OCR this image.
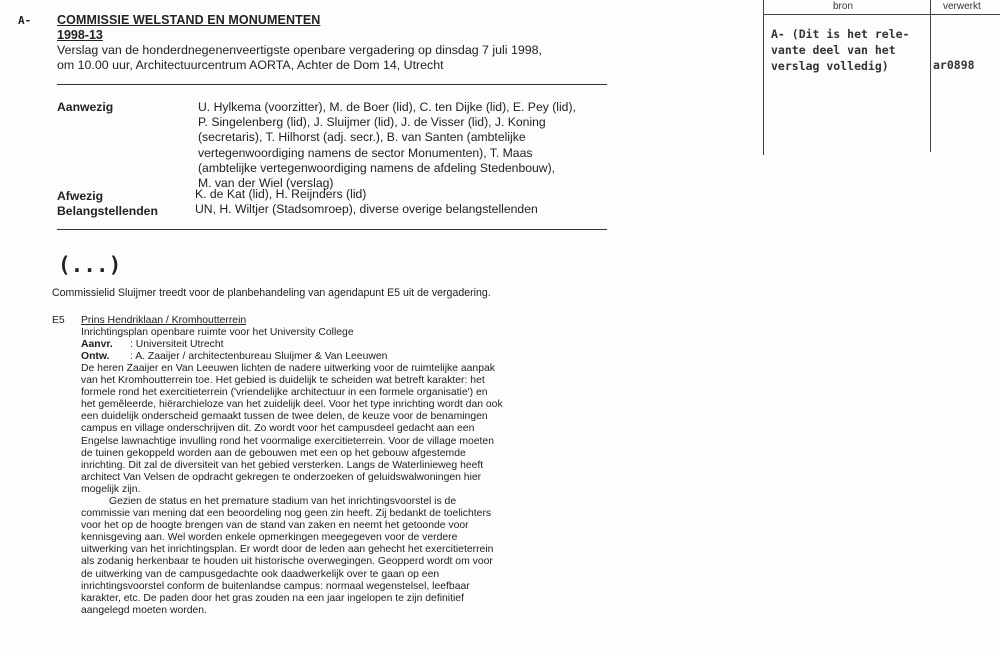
A- COMMISSIE WELSTAND EN MONUMENTEN
1998-13
Verslag van de honderdnegenenveertigste openbare vergadering op dinsdag 7 juli 1998,
om 10.00 uur, Architectuurcentrum AORTA, Achter de Dom 14, Utrecht
Aanwezig	U. Hylkema (voorzitter), M. de Boer (lid), C. ten Dijke (lid), E. Pey (lid),
P. Singelenberg (lid), J. Sluijmer (lid), J. de Visser (lid), J. Koning
(secretaris), T. Hilhorst (adj. secr.), B. van Santen (ambtelijke
vertegenwoordiging namens de sector Monumenten), T. Maas
(ambtelijke vertegenwoordiging namens de afdeling Stedenbouw),
M. van der Wiel (verslag)
Afwezig	K. de Kat (lid), H. Reijnders (lid)
Belangstellenden	UN, H. Wiltjer (Stadsomroep), diverse overige belangstellenden
(...)
Commissielid Sluijmer treedt voor de planbehandeling van agendapunt E5 uit de vergadering.
E5 Prins Hendriklaan / Kromhoutterrein
Inrichtingsplan openbare ruimte voor het University College
Aanvr. : Universiteit Utrecht
Ontw. : A. Zaaijer / architectenbureau Sluijmer & Van Leeuwen
De heren Zaaijer en Van Leeuwen lichten de nadere uitwerking voor de ruimtelijke aanpak
van het Kromhoutterrein toe. Het gebied is duidelijk te scheiden wat betreft karakter: het
formele rond het exercitieterrein ('vriendelijke architectuur in een formele organisatie') en
het gemêleerde, hiërarchieloze van het zuidelijk deel. Voor het type inrichting wordt dan ook
een duidelijk onderscheid gemaakt tussen de twee delen, de keuze voor de benamingen
campus en village onderschrijven dit. Zo wordt voor het campusdeel gedacht aan een
Engelse lawnachtige invulling rond het voormalige exercitieterrein. Voor de village moeten
de tuinen gekoppeld worden aan de gebouwen met een op het gebouw afgestemde
inrichting. Dit zal de diversiteit van het gebied versterken. Langs de Waterlinieweg heeft
architect Van Velsen de opdracht gekregen te onderzoeken of geluidswalwoningen hier
mogelijk zijn.
Gezien de status en het premature stadium van het inrichtingsvoorstel is de
commissie van mening dat een beoordeling nog geen zin heeft. Zij bedankt de toelichters
voor het op de hoogte brengen van de stand van zaken en neemt het getoonde voor
kennisgeving aan. Wel worden enkele opmerkingen meegegeven voor de verdere
uitwerking van het inrichtingsplan. Er wordt door de leden aan gehecht het exercitieterrein
als zodanig herkenbaar te houden uit historische overwegingen. Geopperd wordt om voor
de uitwerking van de campusgedachte ook daadwerkelijk over te gaan op een
inrichtingsvoorstel conform de buitenlandse campus: normaal wegenstelsel, leefbaar
karakter, etc. De paden door het gras zouden na een jaar ingelopen te zijn definitief
aangelegd moeten worden.
bron	verwerkt
A- (Dit is het rele-
vante deel van het
verslag volledig)	ar0898
